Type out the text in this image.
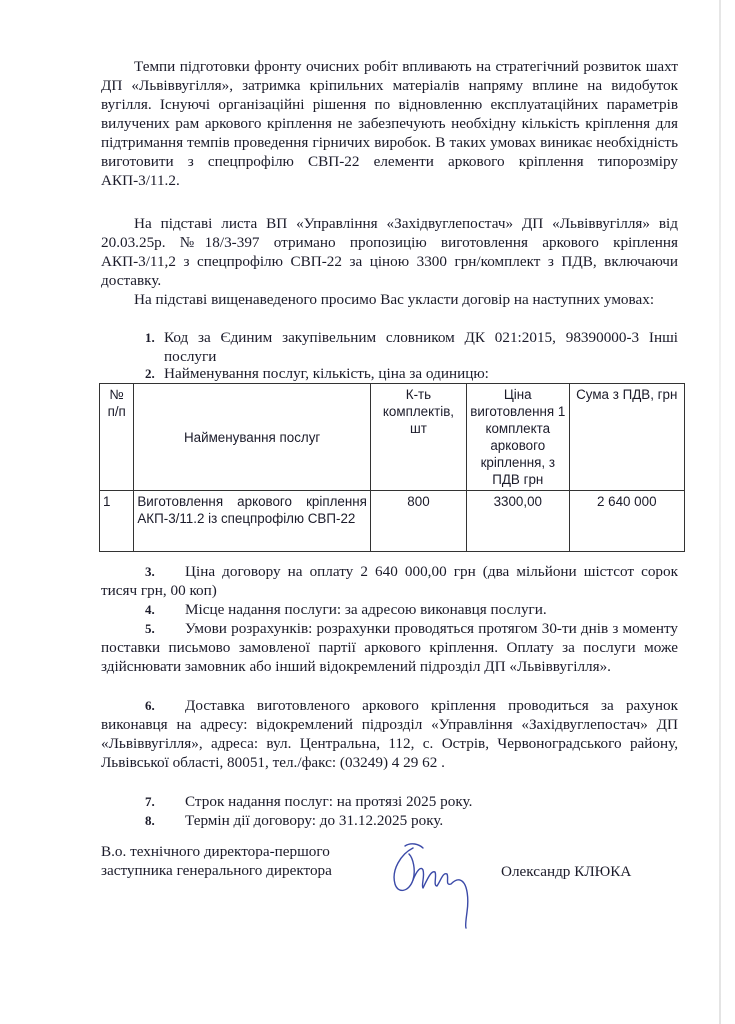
Темпи підготовки фронту очисних робіт впливають на стратегічний розвиток шахт ДП «Львіввугілля», затримка кріпильних матеріалів напряму вплине на видобуток вугілля. Існуючі організаційні рішення по відновленню експлуатаційних параметрів вилучених рам аркового кріплення не забезпечують необхідну кількість кріплення для підтримання темпів проведення гірничих виробок. В таких умовах виникає необхідність виготовити з спецпрофілю СВП-22 елементи аркового кріплення типорозміру АКП-3/11.2.

На підставі листа ВП «Управління «Західвуглепостач» ДП «Львіввугілля» від 20.03.25р. №18/3-397 отримано пропозицію виготовлення аркового кріплення АКП-3/11,2 з спецпрофілю СВП-22 за ціною 3300 грн/комплект з ПДВ, включаючи доставку.

На підставі вищенаведеного просимо Вас укласти договір на наступних умовах:

1. Код за Єдиним закупівельним словником ДК 021:2015, 98390000-3 Інші послуги
2. Найменування послуг, кількість, ціна за одиницю:
№ п/п	Найменування послуг	К-ть комплектів, шт	Ціна виготовлення 1 комплекта аркового кріплення, з ПДВ грн	Сума з ПДВ, грн
1	Виготовлення аркового кріплення АКП-3/11.2 із спецпрофілю СВП-22	800	3300,00	2 640 000
3.	Ціна договору на оплату 2 640 000,00 грн (два мільйони шістсот сорок тисяч грн, 00 коп)
4.	Місце надання послуги: за адресою виконавця послуги.
5.	Умови розрахунків: розрахунки проводяться протягом 30-ти днів з моменту поставки письмово замовленої партії аркового кріплення. Оплату за послуги може здійснювати замовник або інший відокремлений підрозділ ДП «Львіввугілля».
6.	Доставка виготовленого аркового кріплення проводиться за рахунок виконавця на адресу: відокремлений підрозділ «Управління «Західвуглепостач» ДП «Львіввугілля», адреса: вул. Центральна, 112, с. Острів, Червоноградського району, Львівської області, 80051, тел./факс: (03249) 4 29 62 .
7.	Строк надання послуг: на протязі 2025 року.
8.	Термін дії договору: до 31.12.2025 року.
В.о. технічного директора-першого
заступника генерального директора	Олександр КЛЮКА
